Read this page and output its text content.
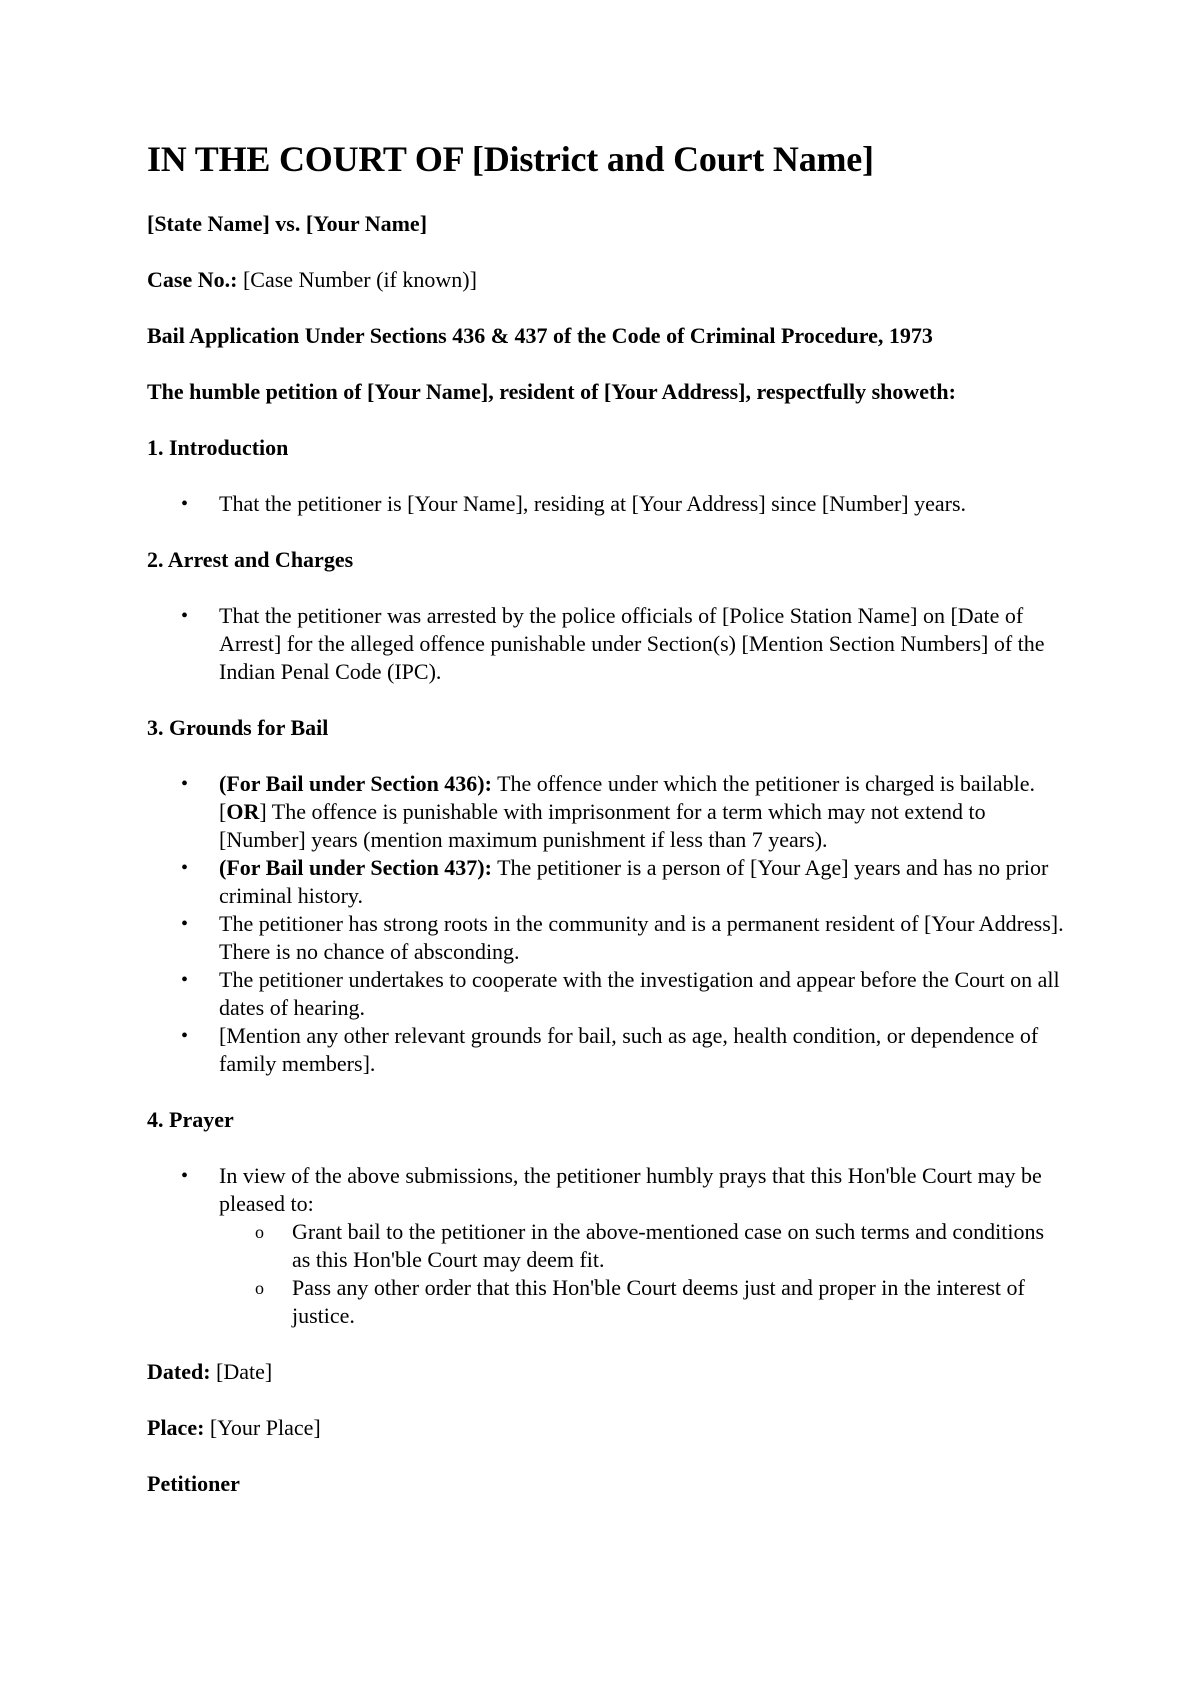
IN THE COURT OF [District and Court Name]

[State Name] vs. [Your Name]

Case No.: [Case Number (if known)]

Bail Application Under Sections 436 & 437 of the Code of Criminal Procedure, 1973

The humble petition of [Your Name], resident of [Your Address], respectfully showeth:

1. Introduction

•	That the petitioner is [Your Name], residing at [Your Address] since [Number] years.

2. Arrest and Charges

•	That the petitioner was arrested by the police officials of [Police Station Name] on [Date of Arrest] for the alleged offence punishable under Section(s) [Mention Section Numbers] of the Indian Penal Code (IPC).

3. Grounds for Bail

•	(For Bail under Section 436): The offence under which the petitioner is charged is bailable. [OR] The offence is punishable with imprisonment for a term which may not extend to [Number] years (mention maximum punishment if less than 7 years).
•	(For Bail under Section 437): The petitioner is a person of [Your Age] years and has no prior criminal history.
•	The petitioner has strong roots in the community and is a permanent resident of [Your Address]. There is no chance of absconding.
•	The petitioner undertakes to cooperate with the investigation and appear before the Court on all dates of hearing.
•	[Mention any other relevant grounds for bail, such as age, health condition, or dependence of family members].

4. Prayer

•	In view of the above submissions, the petitioner humbly prays that this Hon'ble Court may be pleased to:
o Grant bail to the petitioner in the above-mentioned case on such terms and conditions as this Hon'ble Court may deem fit.
o Pass any other order that this Hon'ble Court deems just and proper in the interest of justice.

Dated: [Date]

Place: [Your Place]

Petitioner
